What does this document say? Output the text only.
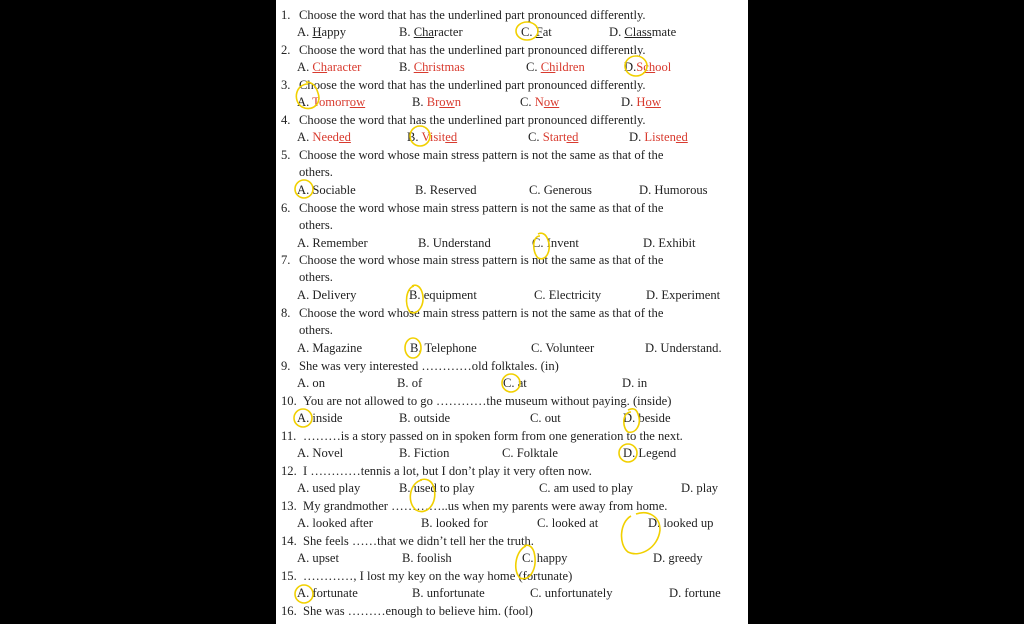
1. Choose the word that has the underlined part pronounced differently.
A. Happy	B. Character	C. Fat	D. Classmate
2. Choose the word that has the underlined part pronounced differently.
A. Character	B. Christmas	C. Children	D.School
3. Choose the word that has the underlined part pronounced differently.
A. Tomorrow	B. Brown	C. Now	D. How
4. Choose the word that has the underlined part pronounced differently.
A. Needed	B. Visited	C. Started	D. Listened
5. Choose the word whose main stress pattern is not the same as that of the
others.
A. Sociable	B. Reserved	C. Generous	D. Humorous
6. Choose the word whose main stress pattern is not the same as that of the
others.
A. Remember	B. Understand	C. Invent	D. Exhibit
7. Choose the word whose main stress pattern is not the same as that of the
others.
A. Delivery	B. equipment	C. Electricity	D. Experiment
8. Choose the word whose main stress pattern is not the same as that of the
others.
A. Magazine	B. Telephone	C. Volunteer	D. Understand.
9. She was very interested …………old folktales. (in)
A. on	B. of	C. at	D. in
10. You are not allowed to go …………the museum without paying. (inside)
A. inside	B. outside	C. out	D. beside
11. ………is a story passed on in spoken form from one generation to the next.
A. Novel	B. Fiction	C. Folktale	D. Legend
12. I …………tennis a lot, but I don’t play it very often now.
A. used play	B. used to play	C. am used to play	D. play
13. My grandmother …………..us when my parents were away from home.
A. looked after	B. looked for	C. looked at	D. looked up
14. She feels ……that we didn’t tell her the truth.
A. upset	B. foolish	C. happy	D. greedy
15. …………, I lost my key on the way home (fortunate)
A. fortunate	B. unfortunate	C. unfortunately	D. fortune
16. She was ………enough to believe him. (fool)
